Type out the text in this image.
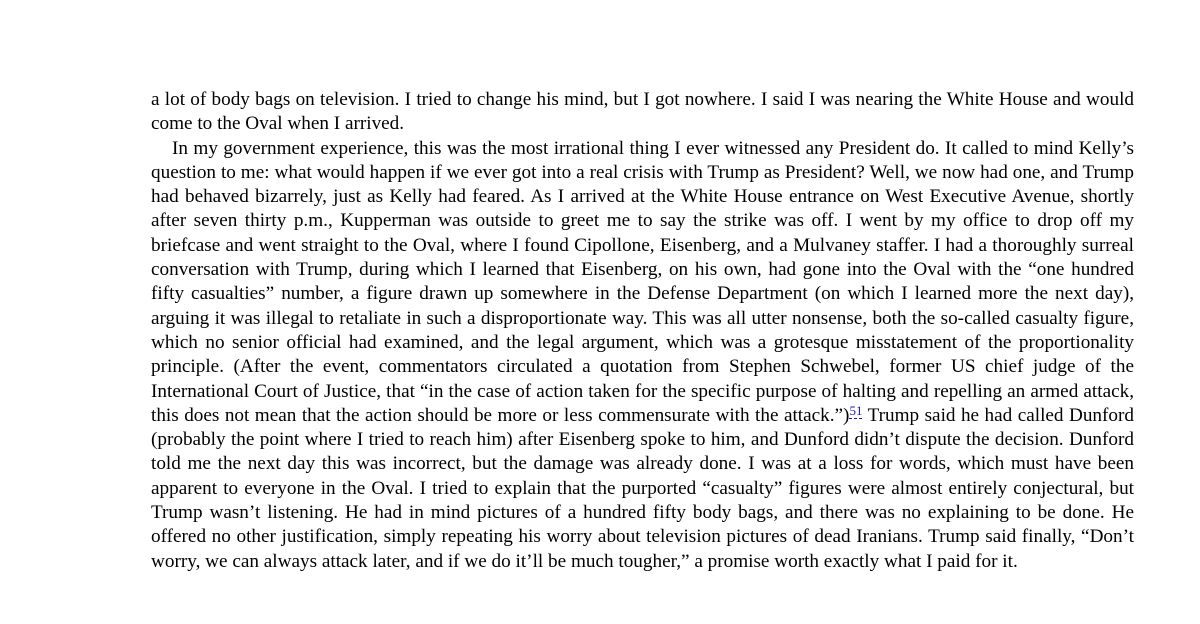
a lot of body bags on television. I tried to change his mind, but I got nowhere. I said I was nearing the White House and would come to the Oval when I arrived.

In my government experience, this was the most irrational thing I ever witnessed any President do. It called to mind Kelly’s question to me: what would happen if we ever got into a real crisis with Trump as President? Well, we now had one, and Trump had behaved bizarrely, just as Kelly had feared. As I arrived at the White House entrance on West Executive Avenue, shortly after seven thirty p.m., Kupperman was outside to greet me to say the strike was off. I went by my office to drop off my briefcase and went straight to the Oval, where I found Cipollone, Eisenberg, and a Mulvaney staffer. I had a thoroughly surreal conversation with Trump, during which I learned that Eisenberg, on his own, had gone into the Oval with the “one hundred fifty casualties” number, a figure drawn up somewhere in the Defense Department (on which I learned more the next day), arguing it was illegal to retaliate in such a disproportionate way. This was all utter nonsense, both the so-called casualty figure, which no senior official had examined, and the legal argument, which was a grotesque misstatement of the proportionality principle. (After the event, commentators circulated a quotation from Stephen Schwebel, former US chief judge of the International Court of Justice, that “in the case of action taken for the specific purpose of halting and repelling an armed attack, this does not mean that the action should be more or less commensurate with the attack.”)$^{51}$ Trump said he had called Dunford (probably the point where I tried to reach him) after Eisenberg spoke to him, and Dunford didn’t dispute the decision. Dunford told me the next day this was incorrect, but the damage was already done. I was at a loss for words, which must have been apparent to everyone in the Oval. I tried to explain that the purported “casualty” figures were almost entirely conjectural, but Trump wasn’t listening. He had in mind pictures of a hundred fifty body bags, and there was no explaining to be done. He offered no other justification, simply repeating his worry about television pictures of dead Iranians. Trump said finally, “Don’t worry, we can always attack later, and if we do it’ll be much tougher,” a promise worth exactly what I paid for it.
